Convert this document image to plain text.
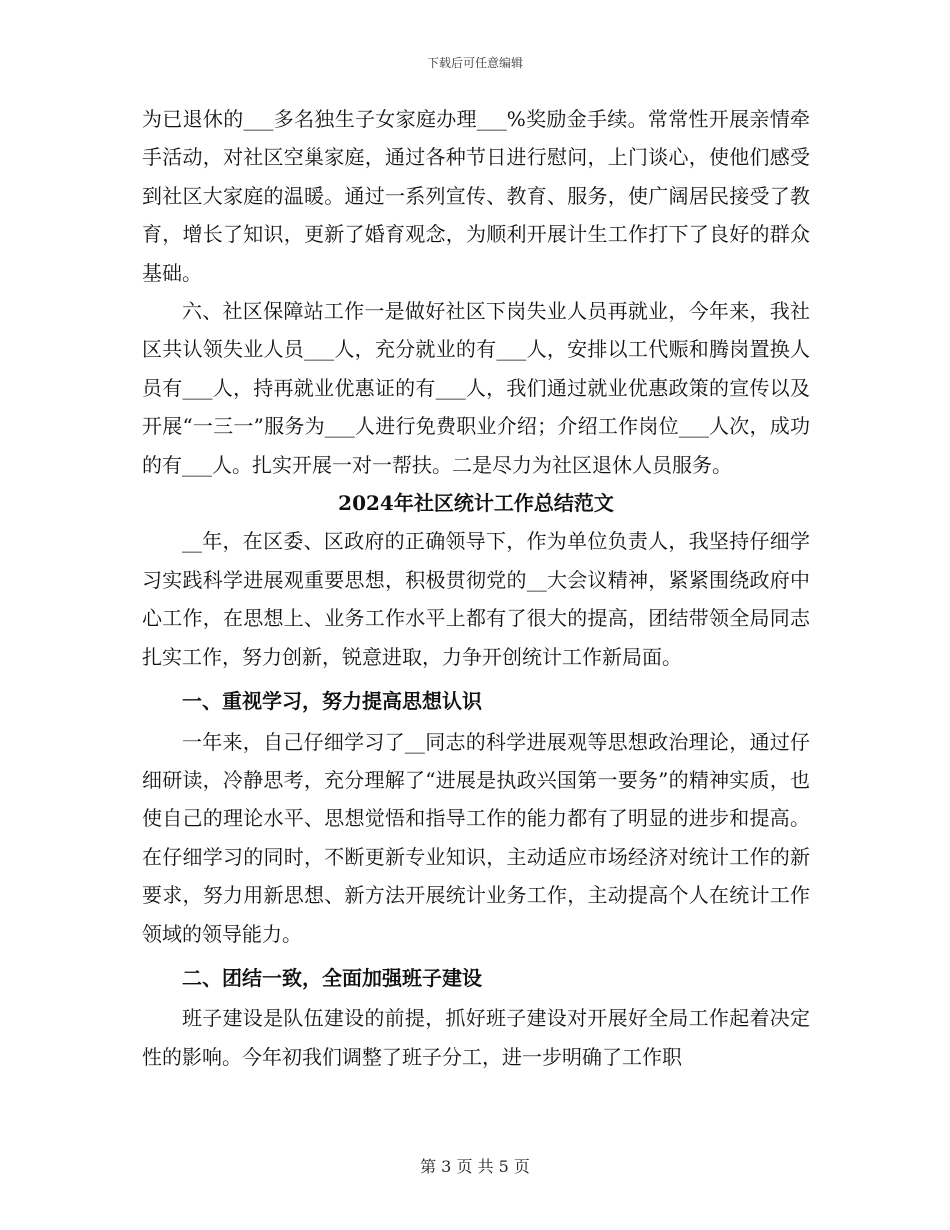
下载后可任意编辑

为已退休的___多名独生子女家庭办理___%奖励金手续。常常性开展亲情牵手活动，对社区空巢家庭，通过各种节日进行慰问，上门谈心，使他们感受到社区大家庭的温暖。通过一系列宣传、教育、服务，使广阔居民接受了教育，增长了知识，更新了婚育观念，为顺利开展计生工作打下了良好的群众基础。

六、社区保障站工作一是做好社区下岗失业人员再就业，今年来，我社区共认领失业人员___人，充分就业的有___人，安排以工代赈和腾岗置换人员有___人，持再就业优惠证的有___人，我们通过就业优惠政策的宣传以及开展“一三一”服务为___人进行免费职业介绍；介绍工作岗位___人次，成功的有___人。扎实开展一对一帮扶。二是尽力为社区退休人员服务。

2024年社区统计工作总结范文

__年，在区委、区政府的正确领导下，作为单位负责人，我坚持仔细学习实践科学进展观重要思想，积极贯彻党的__大会议精神，紧紧围绕政府中心工作，在思想上、业务工作水平上都有了很大的提高，团结带领全局同志扎实工作，努力创新，锐意进取，力争开创统计工作新局面。

一、重视学习，努力提高思想认识

一年来，自己仔细学习了__同志的科学进展观等思想政治理论，通过仔细研读，冷静思考，充分理解了“进展是执政兴国第一要务”的精神实质，也使自己的理论水平、思想觉悟和指导工作的能力都有了明显的进步和提高。在仔细学习的同时，不断更新专业知识，主动适应市场经济对统计工作的新要求，努力用新思想、新方法开展统计业务工作，主动提高个人在统计工作领域的领导能力。

二、团结一致，全面加强班子建设

班子建设是队伍建设的前提，抓好班子建设对开展好全局工作起着决定性的影响。今年初我们调整了班子分工，进一步明确了工作职

第 3 页 共 5 页
